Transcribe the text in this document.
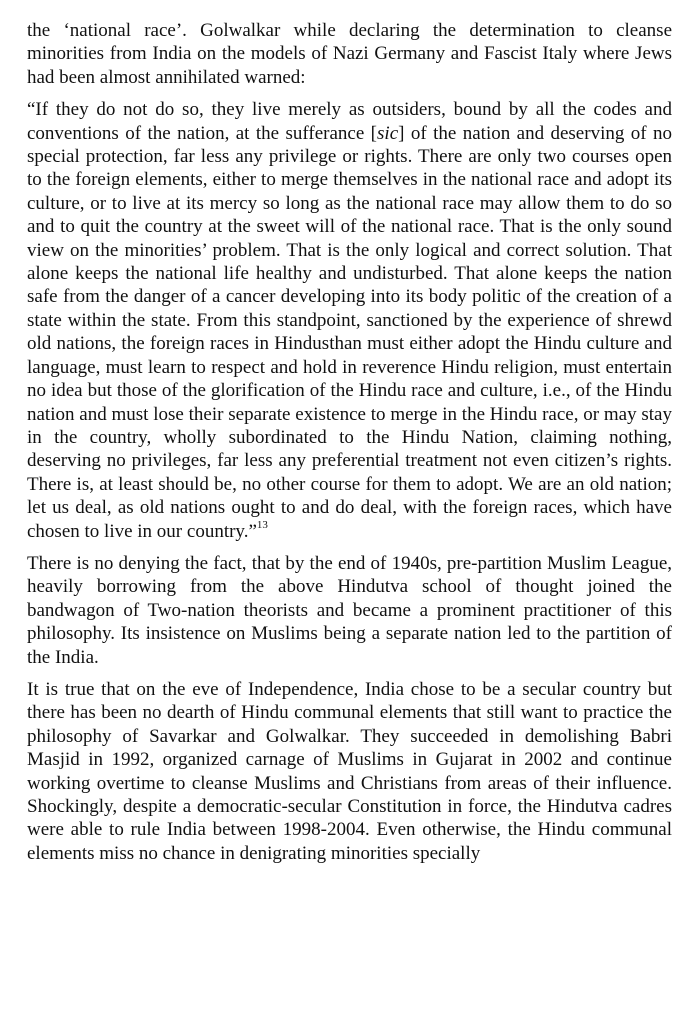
the ‘national race’. Golwalkar while declaring the determination to cleanse minorities from India on the models of Nazi Germany and Fascist Italy where Jews had been almost annihilated warned:

“If they do not do so, they live merely as outsiders, bound by all the codes and conventions of the nation, at the sufferance [sic] of the nation and deserving of no special protection, far less any privilege or rights. There are only two courses open to the foreign elements, either to merge themselves in the national race and adopt its culture, or to live at its mercy so long as the national race may allow them to do so and to quit the country at the sweet will of the national race. That is the only sound view on the minorities’ problem. That is the only logical and correct solution. That alone keeps the national life healthy and undisturbed. That alone keeps the nation safe from the danger of a cancer developing into its body politic of the creation of a state within the state. From this standpoint, sanctioned by the experience of shrewd old nations, the foreign races in Hindusthan must either adopt the Hindu culture and language, must learn to respect and hold in reverence Hindu religion, must entertain no idea but those of the glorification of the Hindu race and culture, i.e., of the Hindu nation and must lose their separate existence to merge in the Hindu race, or may stay in the country, wholly subordinated to the Hindu Nation, claiming nothing, deserving no privileges, far less any preferential treatment not even citizen’s rights. There is, at least should be, no other course for them to adopt. We are an old nation; let us deal, as old nations ought to and do deal, with the foreign races, which have chosen to live in our country.”$^{13}$

There is no denying the fact, that by the end of 1940s, pre-partition Muslim League, heavily borrowing from the above Hindutva school of thought joined the bandwagon of Two-nation theorists and became a prominent practitioner of this philosophy. Its insistence on Muslims being a separate nation led to the partition of the India.

It is true that on the eve of Independence, India chose to be a secular country but there has been no dearth of Hindu communal elements that still want to practice the philosophy of Savarkar and Golwalkar. They succeeded in demolishing Babri Masjid in 1992, organized carnage of Muslims in Gujarat in 2002 and continue working overtime to cleanse Muslims and Christians from areas of their influence. Shockingly, despite a democratic-secular Constitution in force, the Hindutva cadres were able to rule India between 1998-2004. Even otherwise, the Hindu communal elements miss no chance in denigrating minorities specially
